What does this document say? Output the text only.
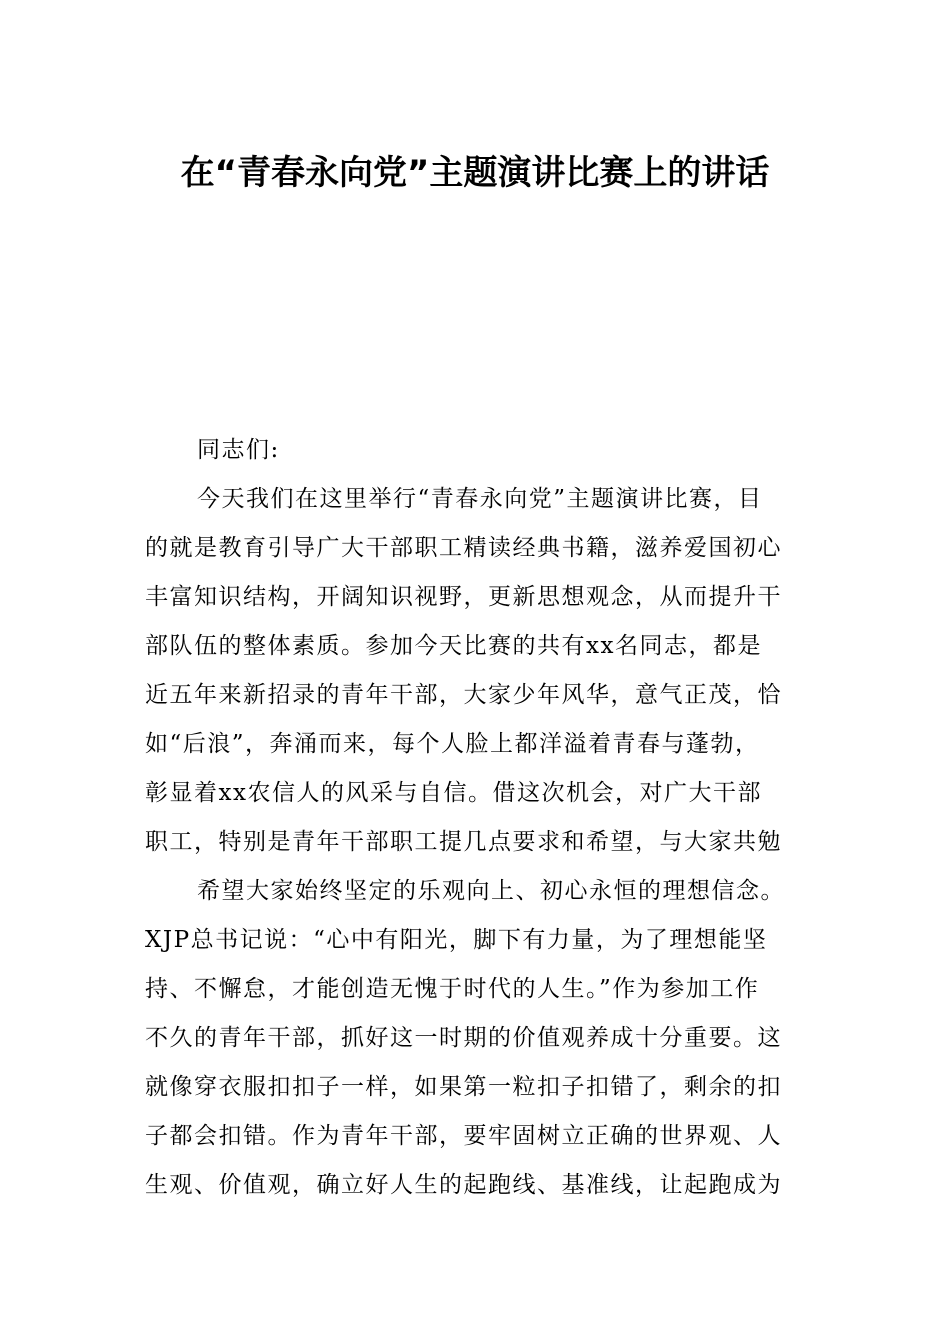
在“青春永向党”主题演讲比赛上的讲话
同志们:
今天我们在这里举行“青春永向党”主题演讲比赛，目
的就是教育引导广大干部职工精读经典书籍，滋养爱国初心
丰富知识结构，开阔知识视野，更新思想观念，从而提升干
部队伍的整体素质。参加今天比赛的共有xx名同志，都是
近五年来新招录的青年干部，大家少年风华，意气正茂，恰
如“后浪”，奔涌而来，每个人脸上都洋溢着青春与蓬勃，
彰显着xx农信人的风采与自信。借这次机会，对广大干部
职工，特别是青年干部职工提几点要求和希望，与大家共勉
希望大家始终坚定的乐观向上、初心永恒的理想信念。
XJP总书记说：“心中有阳光，脚下有力量，为了理想能坚
持、不懈怠，才能创造无愧于时代的人生。”作为参加工作
不久的青年干部，抓好这一时期的价值观养成十分重要。这
就像穿衣服扣扣子一样，如果第一粒扣子扣错了，剩余的扣
子都会扣错。作为青年干部，要牢固树立正确的世界观、人
生观、价值观，确立好人生的起跑线、基准线，让起跑成为
